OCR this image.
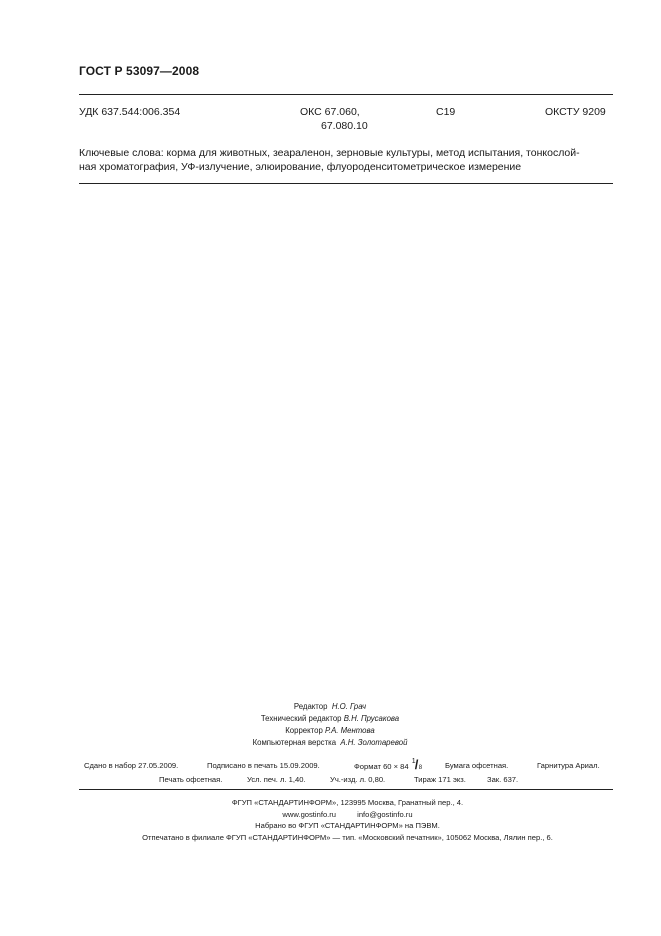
ГОСТ Р 53097—2008
УДК 637.544:006.354	ОКС 67.060,
67.080.10
С19	ОКСТУ 9209
Ключевые слова: корма для животных, зеараленон, зерновые культуры, метод испытания, тонкослой-
ная хроматография, УФ-излучение, элюирование, флуороденситометрическое измерение
Редактор Н.О. Грач
Технический редактор В.Н. Прусакова
Корректор Р.А. Ментова
Компьютерная верстка А.Н. Золотаревой
Сдано в набор 27.05.2009.	Подписано в печать 15.09.2009.	Формат 60 × 84
1 / 8	Бумага офсетная.	Гарнитура Ариал.
Печать офсетная.	Усл. печ. л. 1,40.	Уч.-изд. л. 0,80.	Тираж 171 экз.	Зак. 637.
ФГУП «СТАНДАРТИНФОРМ», 123995 Москва, Гранатный пер., 4.
www.gostinfo.ru	info@gostinfo.ru
Набрано во ФГУП «СТАНДАРТИНФОРМ» на ПЭВМ.
Отпечатано в филиале ФГУП «СТАНДАРТИНФОРМ» — тип. «Московский печатник», 105062 Москва, Лялин пер., 6.
